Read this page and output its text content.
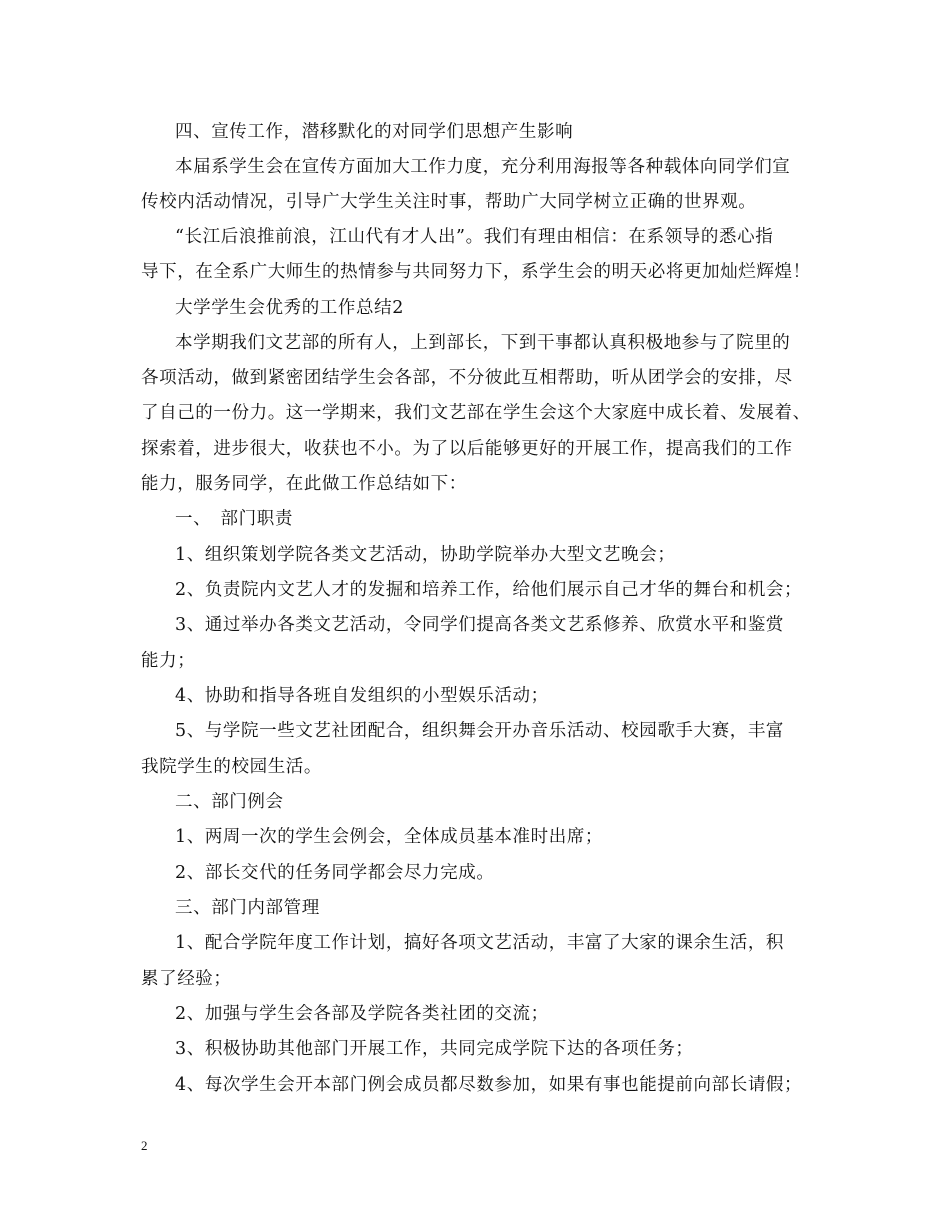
四、宣传工作，潜移默化的对同学们思想产生影响
本届系学生会在宣传方面加大工作力度，充分利用海报等各种载体向同学们宣
传校内活动情况，引导广大学生关注时事，帮助广大同学树立正确的世界观。
“长江后浪推前浪，江山代有才人出”。我们有理由相信：在系领导的悉心指
导下，在全系广大师生的热情参与共同努力下，系学生会的明天必将更加灿烂辉煌！
大学学生会优秀的工作总结2
本学期我们文艺部的所有人，上到部长，下到干事都认真积极地参与了院里的
各项活动，做到紧密团结学生会各部，不分彼此互相帮助，听从团学会的安排，尽
了自己的一份力。这一学期来，我们文艺部在学生会这个大家庭中成长着、发展着、
探索着，进步很大，收获也不小。为了以后能够更好的开展工作，提高我们的工作
能力，服务同学，在此做工作总结如下：
一、　部门职责
1、组织策划学院各类文艺活动，协助学院举办大型文艺晚会；
2、负责院内文艺人才的发掘和培养工作，给他们展示自己才华的舞台和机会；
3、通过举办各类文艺活动，令同学们提高各类文艺系修养、欣赏水平和鉴赏
能力；
4、协助和指导各班自发组织的小型娱乐活动；
5、与学院一些文艺社团配合，组织舞会开办音乐活动、校园歌手大赛，丰富
我院学生的校园生活。
二、部门例会
1、两周一次的学生会例会，全体成员基本准时出席；
2、部长交代的任务同学都会尽力完成。
三、部门内部管理
1、配合学院年度工作计划，搞好各项文艺活动，丰富了大家的课余生活，积
累了经验；
2、加强与学生会各部及学院各类社团的交流；
3、积极协助其他部门开展工作，共同完成学院下达的各项任务；
4、每次学生会开本部门例会成员都尽数参加，如果有事也能提前向部长请假；
2
